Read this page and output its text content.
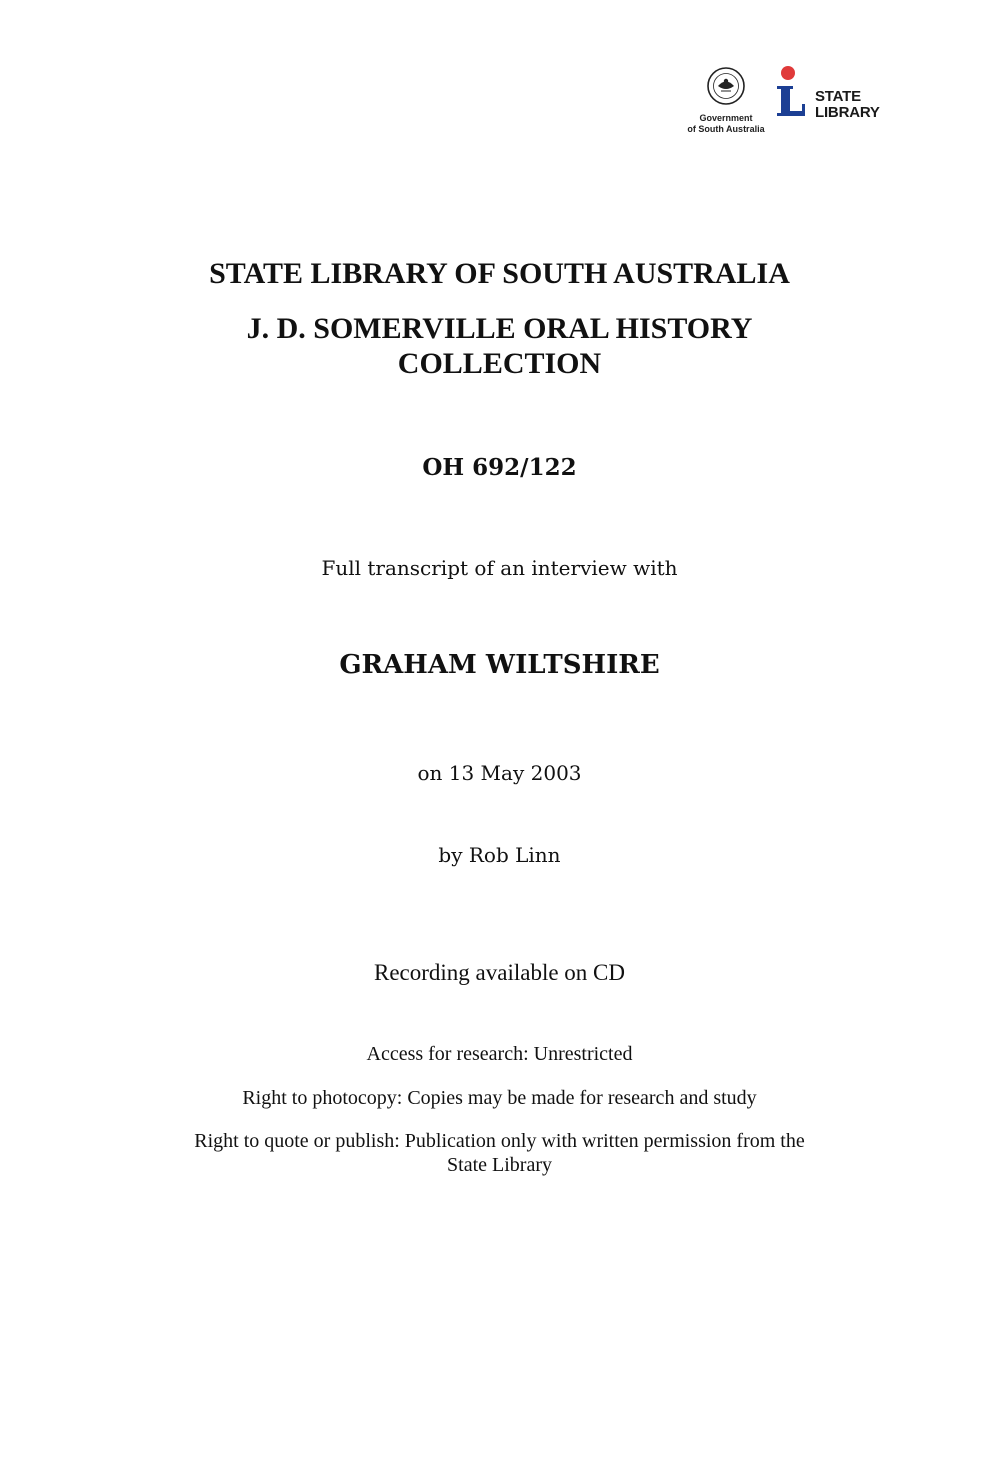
Government
of South Australia
STATE
LIBRARY
STATE LIBRARY OF SOUTH AUSTRALIA
J. D. SOMERVILLE ORAL HISTORY
COLLECTION
OH 692/122
Full transcript of an interview with
GRAHAM WILTSHIRE
on 13 May 2003
by Rob Linn
Recording available on CD
Access for research: Unrestricted
Right to photocopy: Copies may be made for research and study
Right to quote or publish: Publication only with written permission from the
State Library
